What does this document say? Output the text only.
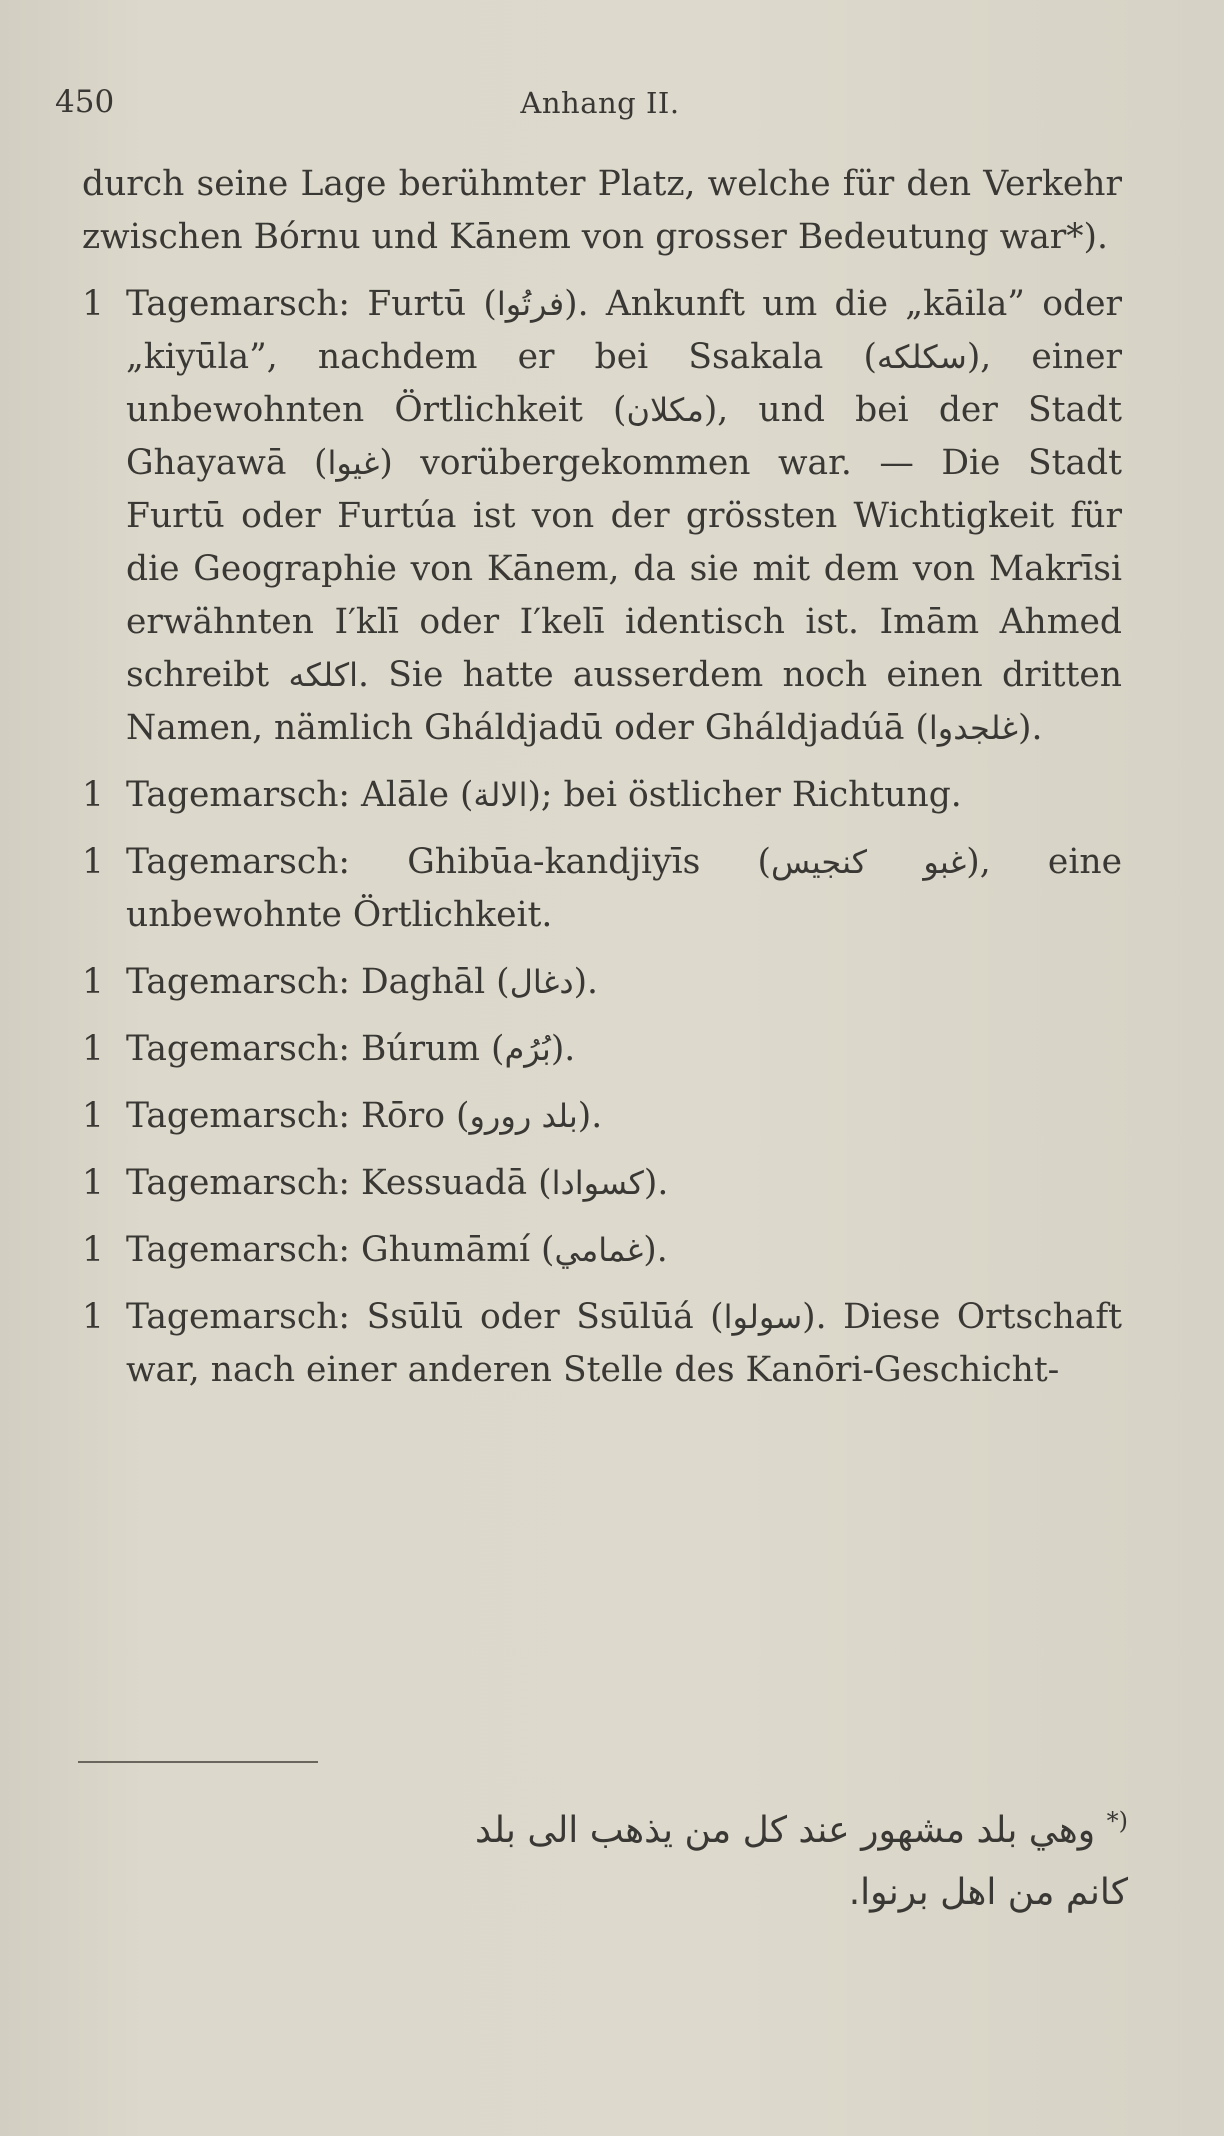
450	Anhang II.

durch seine Lage berühmter Platz, welche für den Verkehr zwischen Bórnu und Kānem von grosser Bedeutung war*).

1 Tagemarsch: Furtū (فرتُوا). Ankunft um die „kāila” oder „kiyūla”, nachdem er bei Ssakala (سكلكه), einer unbewohnten Örtlichkeit (مكلان), und bei der Stadt Ghayawā (غيوا) vorübergekommen war. — Die Stadt Furtū oder Furtúa ist von der grössten Wichtigkeit für die Geographie von Kānem, da sie mit dem von Makrīsi erwähnten I′klī oder I′kelī identisch ist. Imām Ahmed schreibt اكلكه. Sie hatte ausserdem noch einen dritten Namen, nämlich Gháldjadū oder Gháldjadúā (غلجدوا).
1 Tagemarsch: Alāle (الالة); bei östlicher Richtung.
1 Tagemarsch: Ghibūa-kandjiyīs (غبو كنجيس), eine unbewohnte Örtlichkeit.
1 Tagemarsch: Daghāl (دغال).
1 Tagemarsch: Búrum (بُرُم).
1 Tagemarsch: Rōro (بلد رورو).
1 Tagemarsch: Kessuadā (كسوادا).
1 Tagemarsch: Ghumāmí (غمامي).
1 Tagemarsch: Ssūlū oder Ssūlūá (سولوا). Diese Ortschaft war, nach einer anderen Stelle des Kanōri-Geschicht-
*) وهي بلد مشهور عند كل من يذهب الى بلد
كانم من اهل برنوا.
